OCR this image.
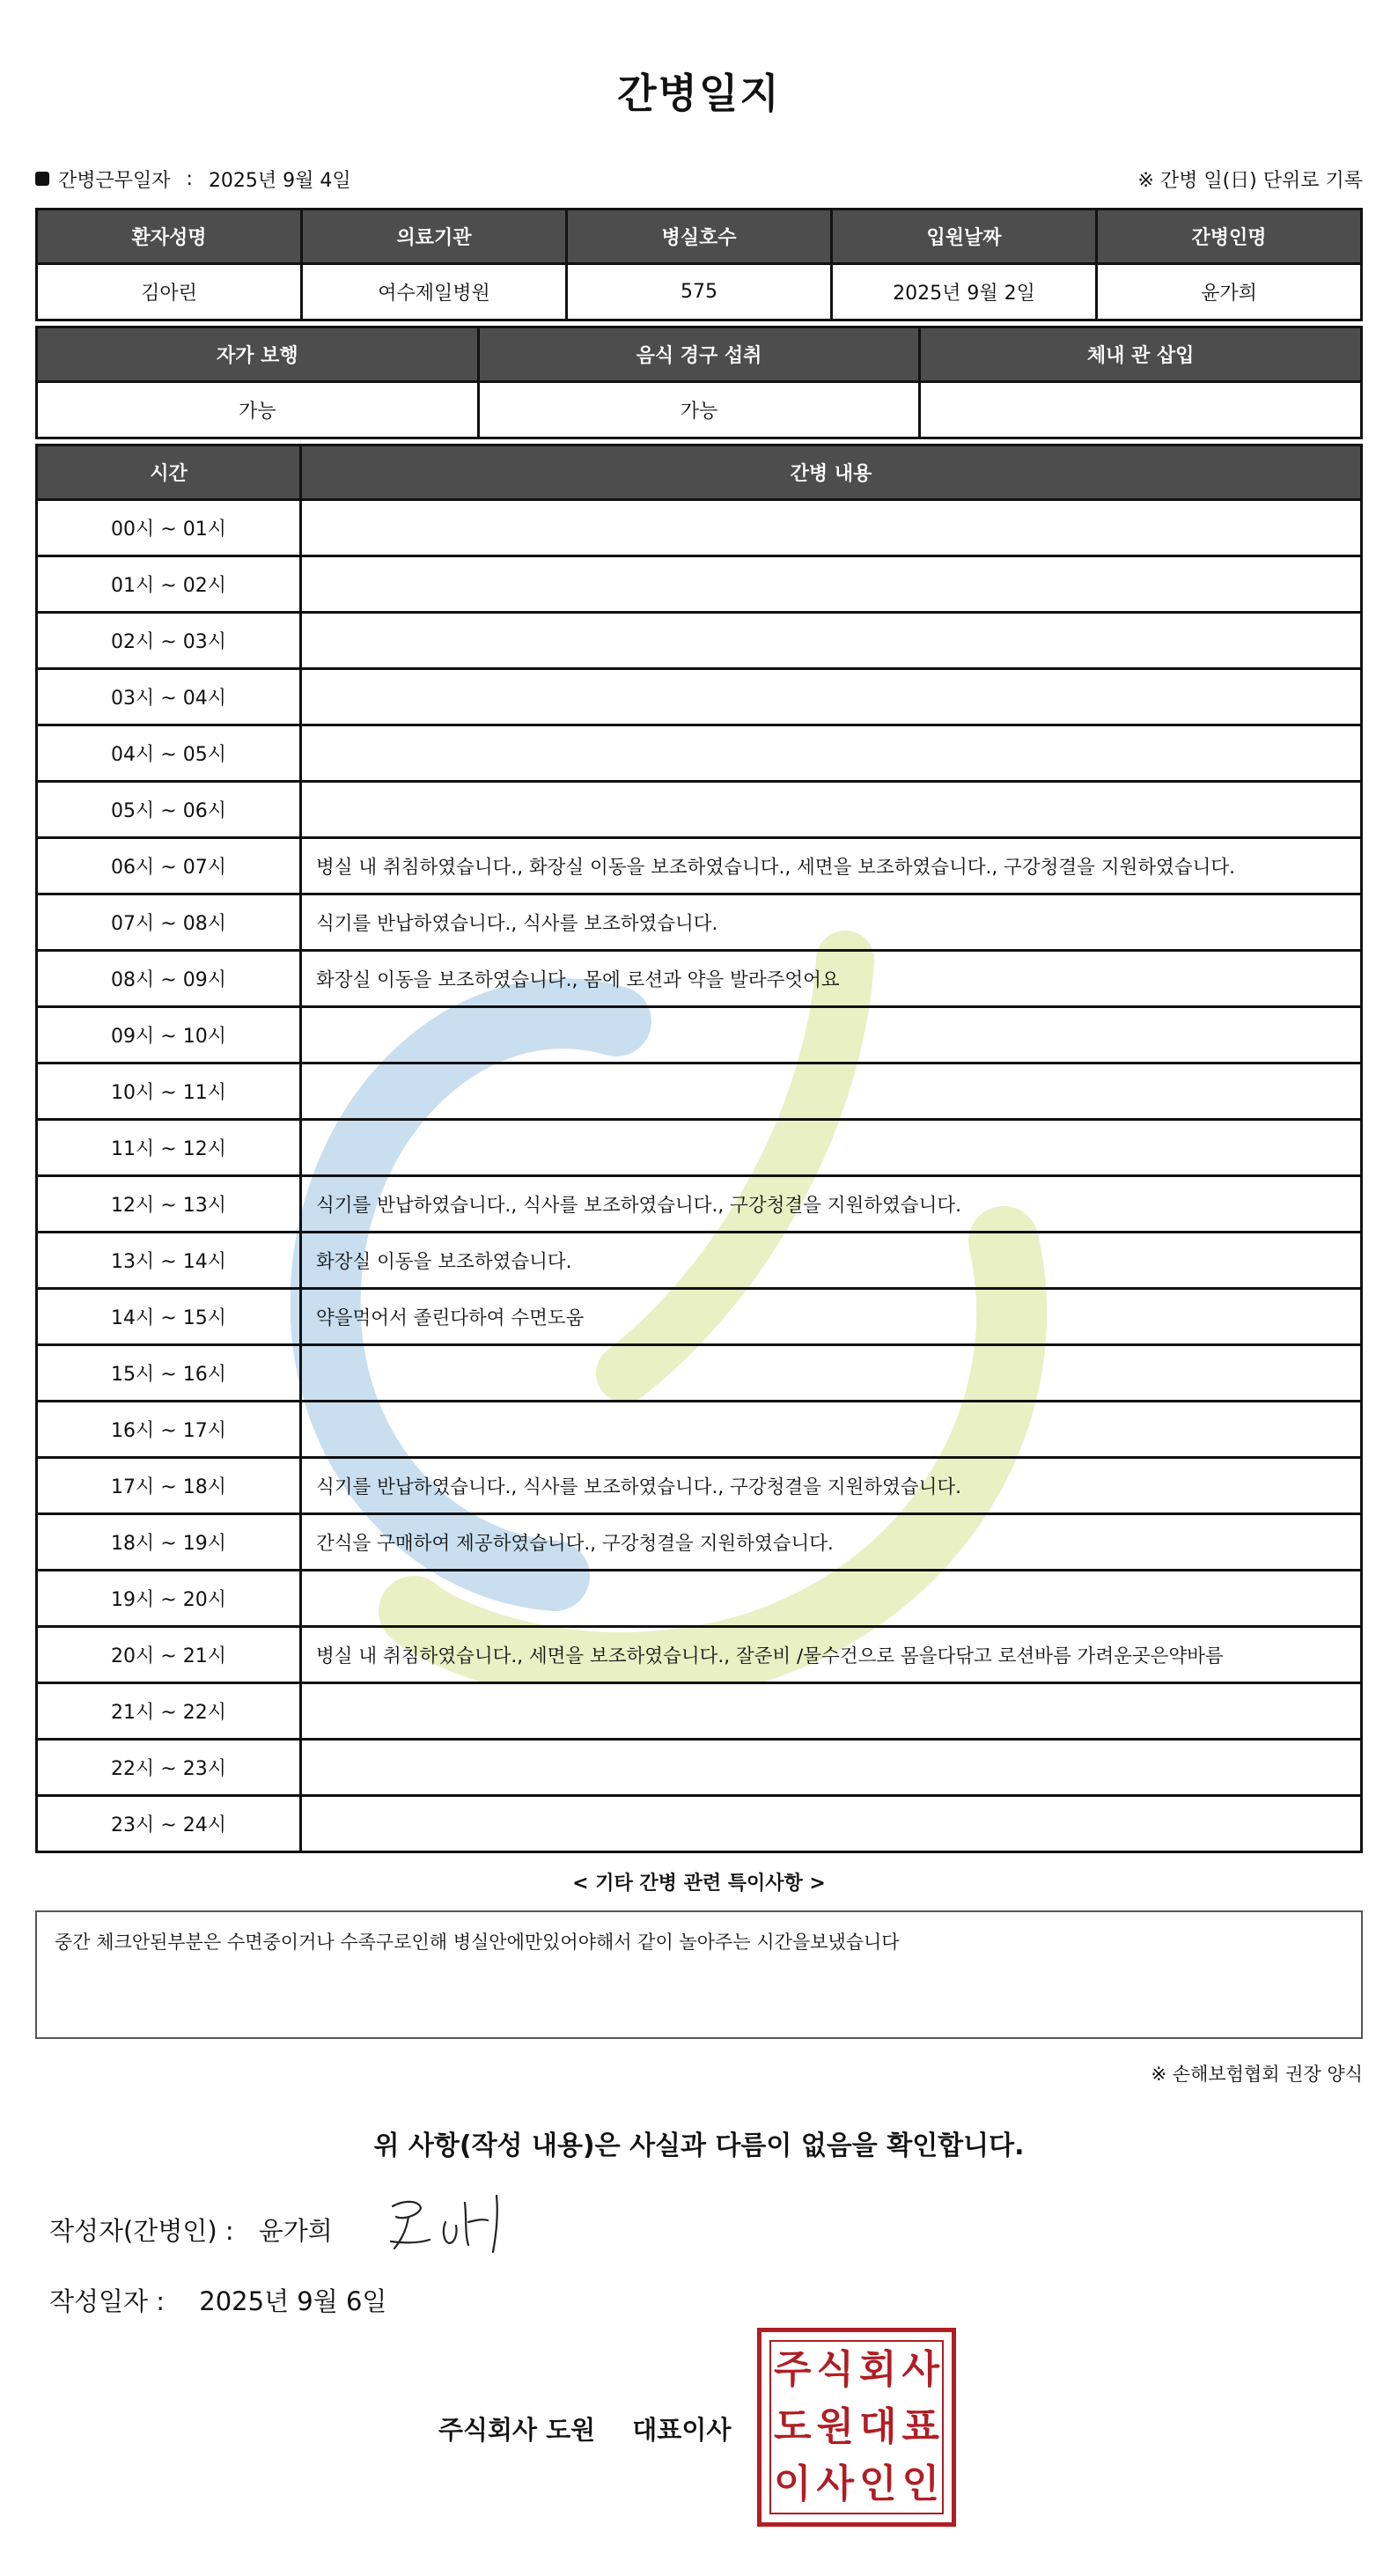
간병일지
간병근무일자 : 2025년 9월 4일	※ 간병 일(日) 단위로 기록
환자성명	의료기관	병실호수	입원날짜	간병인명
김아린	여수제일병원	575	2025년 9월 2일	윤가희
자가 보행	음식 경구 섭취	체내 관 삽입
가능	가능	
시간	간병 내용
00시 ~ 01시	
01시 ~ 02시	
02시 ~ 03시	
03시 ~ 04시	
04시 ~ 05시	
05시 ~ 06시	
06시 ~ 07시	병실 내 취침하였습니다., 화장실 이동을 보조하였습니다., 세면을 보조하였습니다., 구강청결을 지원하였습니다.
07시 ~ 08시	식기를 반납하였습니다., 식사를 보조하였습니다.
08시 ~ 09시	화장실 이동을 보조하였습니다., 몸에 로션과 약을 발라주엇어요
09시 ~ 10시	
10시 ~ 11시	
11시 ~ 12시	
12시 ~ 13시	식기를 반납하였습니다., 식사를 보조하였습니다., 구강청결을 지원하였습니다.
13시 ~ 14시	화장실 이동을 보조하였습니다.
14시 ~ 15시	약을먹어서 졸린다하여 수면도움
15시 ~ 16시	
16시 ~ 17시	
17시 ~ 18시	식기를 반납하였습니다., 식사를 보조하였습니다., 구강청결을 지원하였습니다.
18시 ~ 19시	간식을 구매하여 제공하였습니다., 구강청결을 지원하였습니다.
19시 ~ 20시	
20시 ~ 21시	병실 내 취침하였습니다., 세면을 보조하였습니다., 잘준비 /물수건으로 몸을다닦고 로션바름 가려운곳은약바름
21시 ~ 22시	
22시 ~ 23시	
23시 ~ 24시	
< 기타 간병 관련 특이사항 >
중간 체크안된부분은 수면중이거나 수족구로인해 병실안에만있어야해서 같이 놀아주는 시간을보냈습니다
※ 손해보험협회 권장 양식
위 사항(작성 내용)은 사실과 다름이 없음을 확인합니다.
작성자(간병인) : 윤가희
작성일자 : 2025년 9월 6일
주식회사 도원 대표이사
주 식 회 사
도 원 대 표
이 사 인 인
